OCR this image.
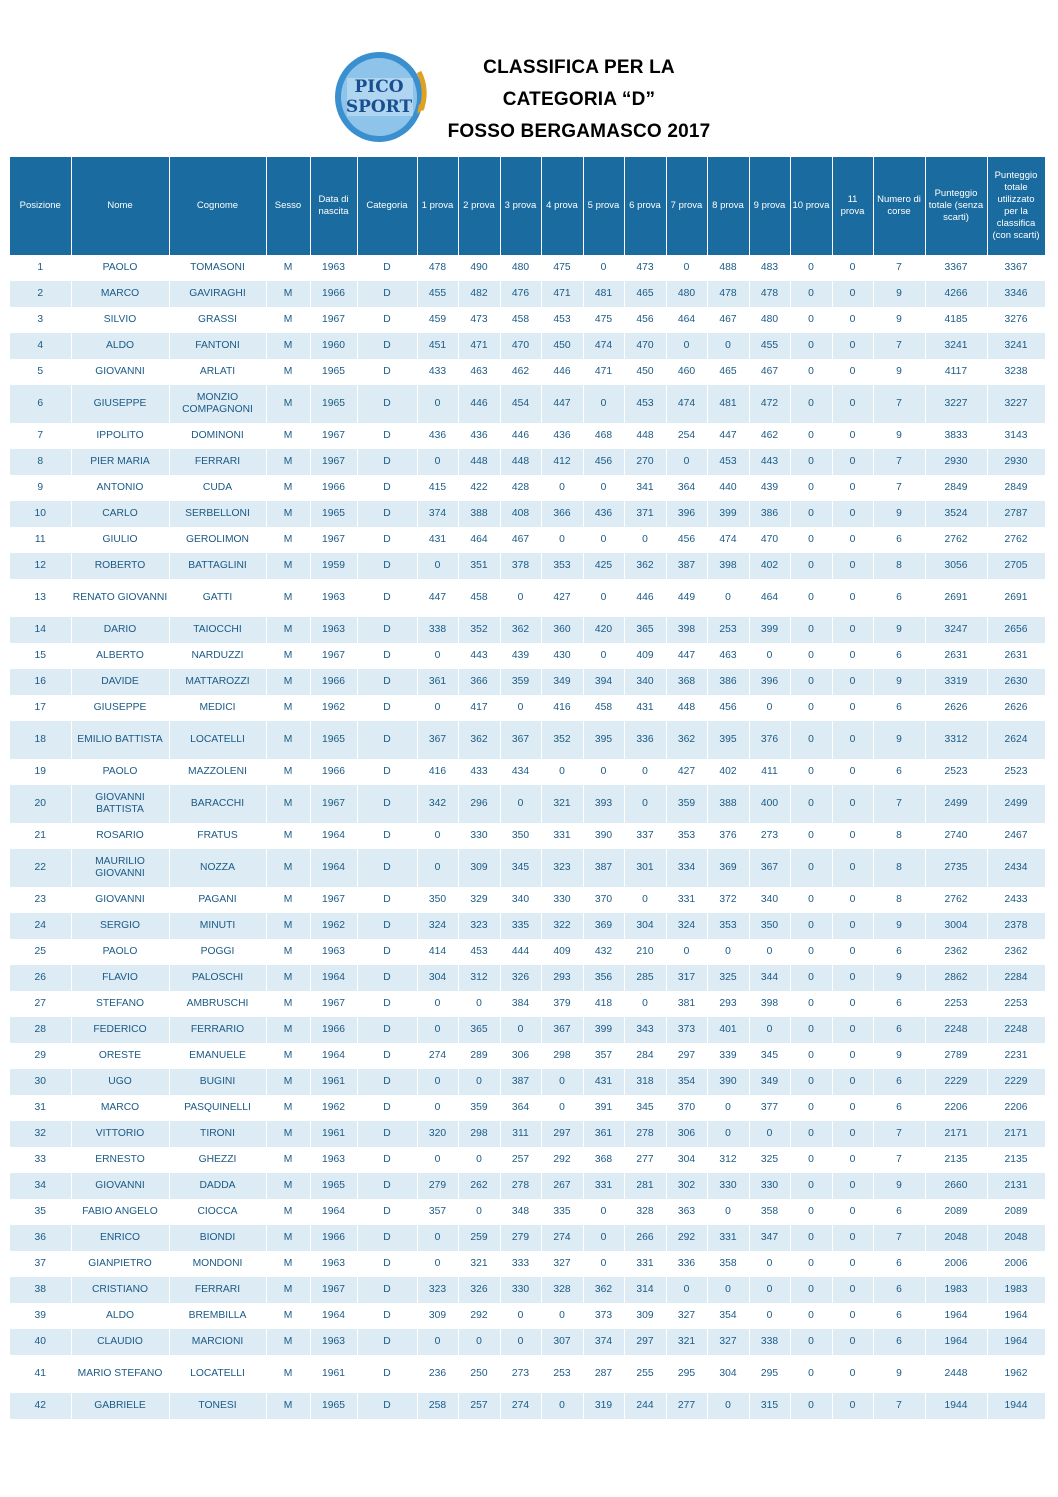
PICO
SPORT
CLASSIFICA PER LA
CATEGORIA “D”
FOSSO BERGAMASCO 2017
Posizione	Nome	Cognome	Sesso	Data di nascita	Categoria	1 prova	2 prova	3 prova	4 prova	5 prova	6 prova	7 prova	8 prova	9 prova	10 prova	11 prova	Numero di corse	Punteggio totale (senza scarti)	Punteggio totale utilizzato per la classifica (con scarti)
1	PAOLO	TOMASONI	M	1963	D	478	490	480	475	0	473	0	488	483	0	0	7	3367	3367
2	MARCO	GAVIRAGHI	M	1966	D	455	482	476	471	481	465	480	478	478	0	0	9	4266	3346
3	SILVIO	GRASSI	M	1967	D	459	473	458	453	475	456	464	467	480	0	0	9	4185	3276
4	ALDO	FANTONI	M	1960	D	451	471	470	450	474	470	0	0	455	0	0	7	3241	3241
5	GIOVANNI	ARLATI	M	1965	D	433	463	462	446	471	450	460	465	467	0	0	9	4117	3238
6	GIUSEPPE	MONZIO COMPAGNONI	M	1965	D	0	446	454	447	0	453	474	481	472	0	0	7	3227	3227
7	IPPOLITO	DOMINONI	M	1967	D	436	436	446	436	468	448	254	447	462	0	0	9	3833	3143
8	PIER MARIA	FERRARI	M	1967	D	0	448	448	412	456	270	0	453	443	0	0	7	2930	2930
9	ANTONIO	CUDA	M	1966	D	415	422	428	0	0	341	364	440	439	0	0	7	2849	2849
10	CARLO	SERBELLONI	M	1965	D	374	388	408	366	436	371	396	399	386	0	0	9	3524	2787
11	GIULIO	GEROLIMON	M	1967	D	431	464	467	0	0	0	456	474	470	0	0	6	2762	2762
12	ROBERTO	BATTAGLINI	M	1959	D	0	351	378	353	425	362	387	398	402	0	0	8	3056	2705
13	RENATO GIOVANNI	GATTI	M	1963	D	447	458	0	427	0	446	449	0	464	0	0	6	2691	2691
14	DARIO	TAIOCCHI	M	1963	D	338	352	362	360	420	365	398	253	399	0	0	9	3247	2656
15	ALBERTO	NARDUZZI	M	1967	D	0	443	439	430	0	409	447	463	0	0	0	6	2631	2631
16	DAVIDE	MATTAROZZI	M	1966	D	361	366	359	349	394	340	368	386	396	0	0	9	3319	2630
17	GIUSEPPE	MEDICI	M	1962	D	0	417	0	416	458	431	448	456	0	0	0	6	2626	2626
18	EMILIO BATTISTA	LOCATELLI	M	1965	D	367	362	367	352	395	336	362	395	376	0	0	9	3312	2624
19	PAOLO	MAZZOLENI	M	1966	D	416	433	434	0	0	0	427	402	411	0	0	6	2523	2523
20	GIOVANNI BATTISTA	BARACCHI	M	1967	D	342	296	0	321	393	0	359	388	400	0	0	7	2499	2499
21	ROSARIO	FRATUS	M	1964	D	0	330	350	331	390	337	353	376	273	0	0	8	2740	2467
22	MAURILIO GIOVANNI	NOZZA	M	1964	D	0	309	345	323	387	301	334	369	367	0	0	8	2735	2434
23	GIOVANNI	PAGANI	M	1967	D	350	329	340	330	370	0	331	372	340	0	0	8	2762	2433
24	SERGIO	MINUTI	M	1962	D	324	323	335	322	369	304	324	353	350	0	0	9	3004	2378
25	PAOLO	POGGI	M	1963	D	414	453	444	409	432	210	0	0	0	0	0	6	2362	2362
26	FLAVIO	PALOSCHI	M	1964	D	304	312	326	293	356	285	317	325	344	0	0	9	2862	2284
27	STEFANO	AMBRUSCHI	M	1967	D	0	0	384	379	418	0	381	293	398	0	0	6	2253	2253
28	FEDERICO	FERRARIO	M	1966	D	0	365	0	367	399	343	373	401	0	0	0	6	2248	2248
29	ORESTE	EMANUELE	M	1964	D	274	289	306	298	357	284	297	339	345	0	0	9	2789	2231
30	UGO	BUGINI	M	1961	D	0	0	387	0	431	318	354	390	349	0	0	6	2229	2229
31	MARCO	PASQUINELLI	M	1962	D	0	359	364	0	391	345	370	0	377	0	0	6	2206	2206
32	VITTORIO	TIRONI	M	1961	D	320	298	311	297	361	278	306	0	0	0	0	7	2171	2171
33	ERNESTO	GHEZZI	M	1963	D	0	0	257	292	368	277	304	312	325	0	0	7	2135	2135
34	GIOVANNI	DADDA	M	1965	D	279	262	278	267	331	281	302	330	330	0	0	9	2660	2131
35	FABIO ANGELO	CIOCCA	M	1964	D	357	0	348	335	0	328	363	0	358	0	0	6	2089	2089
36	ENRICO	BIONDI	M	1966	D	0	259	279	274	0	266	292	331	347	0	0	7	2048	2048
37	GIANPIETRO	MONDONI	M	1963	D	0	321	333	327	0	331	336	358	0	0	0	6	2006	2006
38	CRISTIANO	FERRARI	M	1967	D	323	326	330	328	362	314	0	0	0	0	0	6	1983	1983
39	ALDO	BREMBILLA	M	1964	D	309	292	0	0	373	309	327	354	0	0	0	6	1964	1964
40	CLAUDIO	MARCIONI	M	1963	D	0	0	0	307	374	297	321	327	338	0	0	6	1964	1964
41	MARIO STEFANO	LOCATELLI	M	1961	D	236	250	273	253	287	255	295	304	295	0	0	9	2448	1962
42	GABRIELE	TONESI	M	1965	D	258	257	274	0	319	244	277	0	315	0	0	7	1944	1944
